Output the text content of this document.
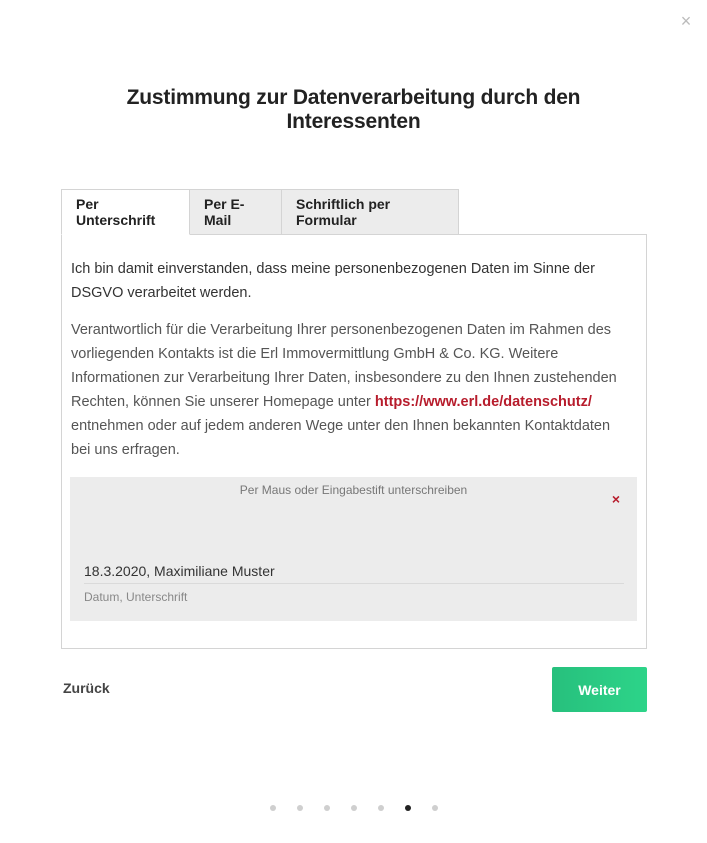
×
Zustimmung zur Datenverarbeitung durch den Interessenten
Per Unterschrift
Per E-Mail
Schriftlich per Formular

Ich bin damit einverstanden, dass meine personenbezogenen Daten im Sinne der DSGVO verarbeitet werden.

Verantwortlich für die Verarbeitung Ihrer personenbezogenen Daten im Rahmen des vorliegenden Kontakts ist die Erl Immovermittlung GmbH & Co. KG. Weitere Informationen zur Verarbeitung Ihrer Daten, insbesondere zu den Ihnen zustehenden Rechten, können Sie unserer Homepage unter https://www.erl.de/datenschutz/ entnehmen oder auf jedem anderen Wege unter den Ihnen bekannten Kontaktdaten bei uns erfragen.

Per Maus oder Eingabestift unterschreiben
×
18.3.2020, Maximiliane Muster
Datum, Unterschrift
Zurück	Weiter
